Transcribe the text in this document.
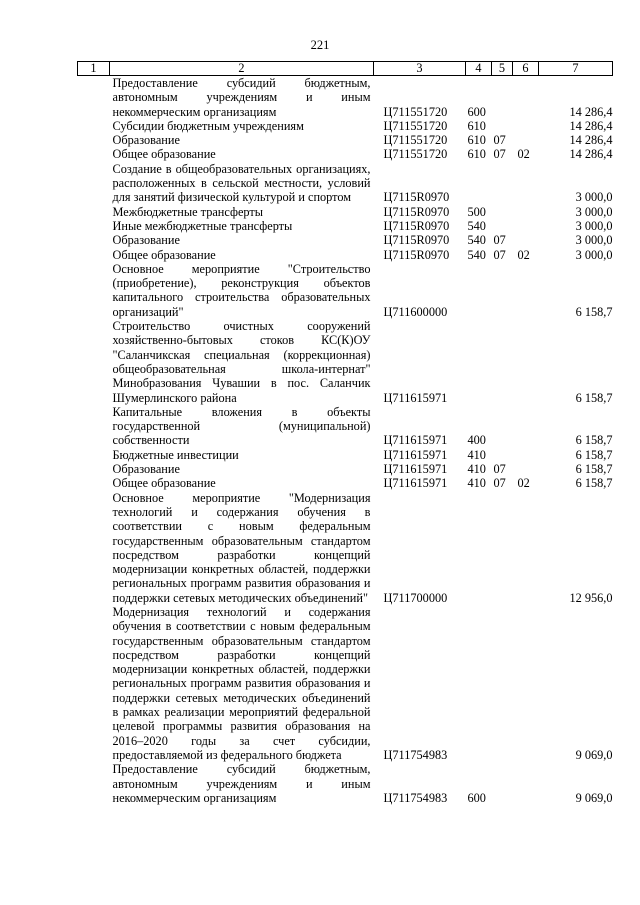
221
1	2	3	4	5	6	7
	Предоставление субсидий бюджетным, автономным учреждениям и иным некоммерческим организациям	Ц711551720	600			14 286,4
	Субсидии бюджетным учреждениям	Ц711551720	610			14 286,4
	Образование	Ц711551720	610	07		14 286,4
	Общее образование	Ц711551720	610	07	02	14 286,4
	Создание в общеобразовательных организациях, расположенных в сельской местности, условий для занятий физической культурой и спортом	Ц7115R0970				3 000,0
	Межбюджетные трансферты	Ц7115R0970	500			3 000,0
	Иные межбюджетные трансферты	Ц7115R0970	540			3 000,0
	Образование	Ц7115R0970	540	07		3 000,0
	Общее образование	Ц7115R0970	540	07	02	3 000,0
	Основное мероприятие "Строительство (приобретение), реконструкция объектов капитального строительства образовательных организаций"	Ц711600000				6 158,7
	Строительство очистных сооружений хозяйственно-бытовых стоков КС(К)ОУ "Саланчикская специальная (коррекционная) общеобразовательная школа-интернат" Минобразования Чувашии в пос. Саланчик Шумерлинского района	Ц711615971				6 158,7
	Капитальные вложения в объекты государственной (муниципальной) собственности	Ц711615971	400			6 158,7
	Бюджетные инвестиции	Ц711615971	410			6 158,7
	Образование	Ц711615971	410	07		6 158,7
	Общее образование	Ц711615971	410	07	02	6 158,7
	Основное мероприятие "Модернизация технологий и содержания обучения в соответствии с новым федеральным государственным образовательным стандартом посредством разработки концепций модернизации конкретных областей, поддержки региональных программ развития образования и поддержки сетевых методических объединений"	Ц711700000				12 956,0
	Модернизация технологий и содержания обучения в соответствии с новым федеральным государственным образовательным стандартом посредством разработки концепций модернизации конкретных областей, поддержки региональных программ развития образования и поддержки сетевых методических объединений в рамках реализации мероприятий федеральной целевой программы развития образования на 2016–2020 годы за счет субсидии, предоставляемой из федерального бюджета	Ц711754983				9 069,0
	Предоставление субсидий бюджетным, автономным учреждениям и иным некоммерческим организациям	Ц711754983	600			9 069,0
